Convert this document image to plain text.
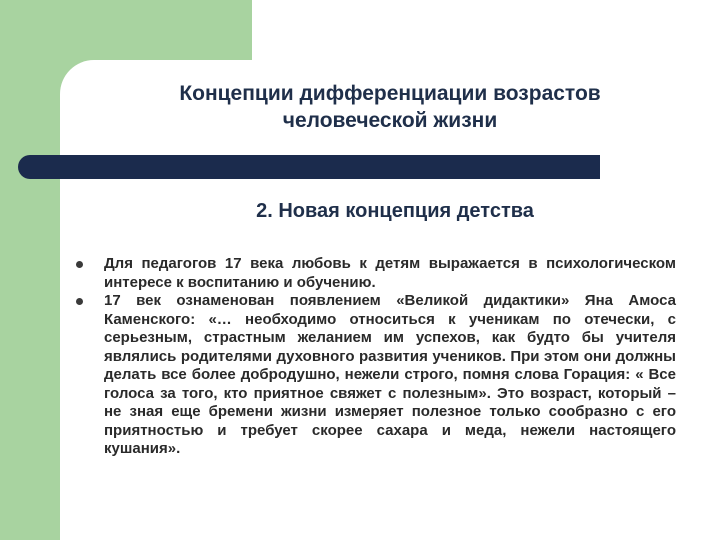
Концепции дифференциации возрастов
человеческой жизни
2. Новая концепция детства
Для педагогов 17 века любовь к детям выражается в психологическом интересе к воспитанию и обучению.
17 век ознаменован появлением «Великой дидактики» Яна Амоса Каменского: «… необходимо относиться к ученикам по отечески, с серьезным, страстным желанием им успехов, как будто бы учителя являлись родителями духовного развития учеников. При этом они должны делать все более добродушно, нежели строго, помня слова Горация: « Все голоса за того, кто приятное свяжет с полезным». Это возраст, который – не зная еще бремени жизни измеряет полезное только сообразно с его приятностью и требует скорее сахара и меда, нежели настоящего кушания».
